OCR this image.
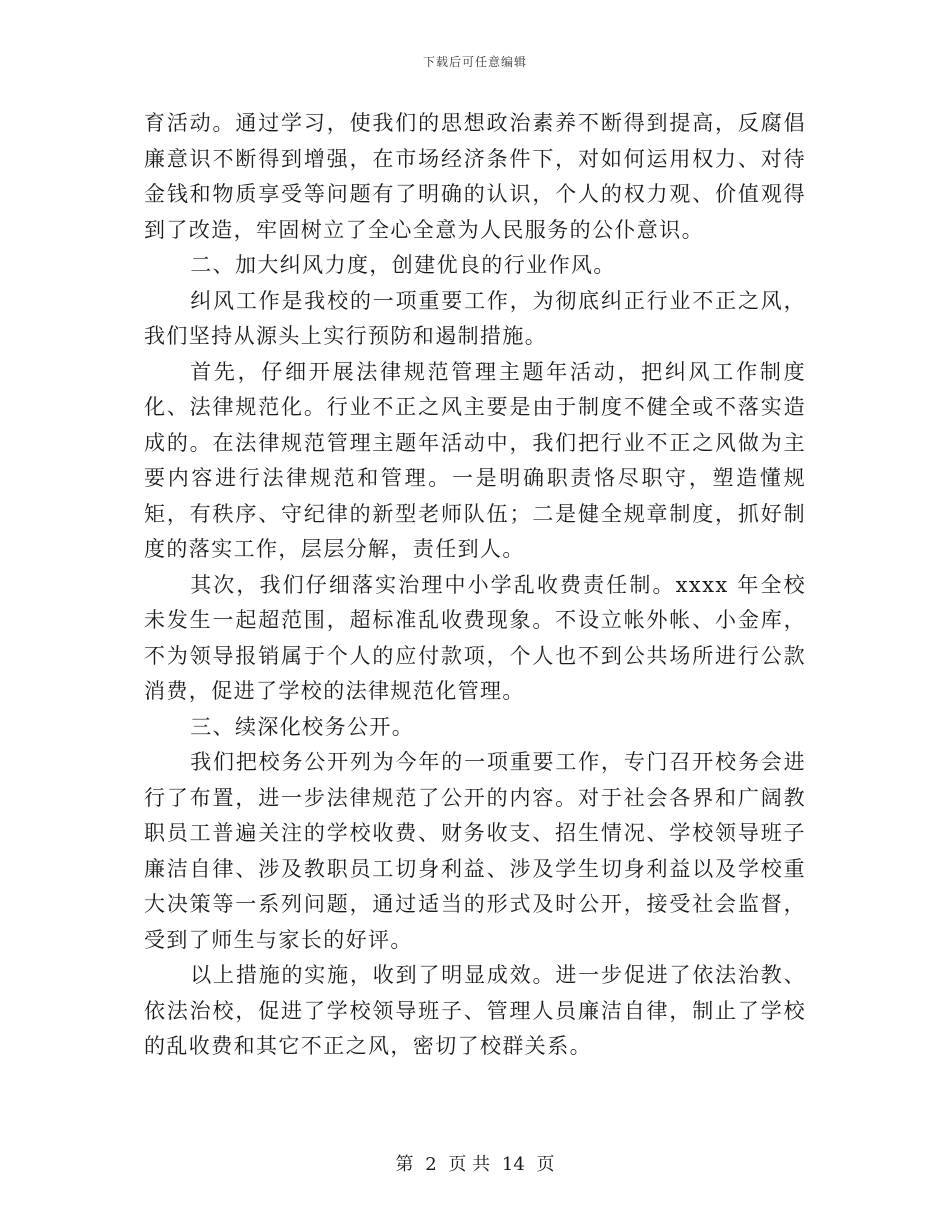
下载后可任意编辑

育活动。通过学习，使我们的思想政治素养不断得到提高，反腐倡廉意识不断得到增强，在市场经济条件下，对如何运用权力、对待金钱和物质享受等问题有了明确的认识，个人的权力观、价值观得到了改造，牢固树立了全心全意为人民服务的公仆意识。

二、加大纠风力度，创建优良的行业作风。

纠风工作是我校的一项重要工作，为彻底纠正行业不正之风，我们坚持从源头上实行预防和遏制措施。

首先，仔细开展法律规范管理主题年活动，把纠风工作制度化、法律规范化。行业不正之风主要是由于制度不健全或不落实造成的。在法律规范管理主题年活动中，我们把行业不正之风做为主要内容进行法律规范和管理。一是明确职责恪尽职守，塑造懂规矩，有秩序、守纪律的新型老师队伍；二是健全规章制度，抓好制度的落实工作，层层分解，责任到人。

其次，我们仔细落实治理中小学乱收费责任制。xxxx 年全校未发生一起超范围，超标准乱收费现象。不设立帐外帐、小金库，不为领导报销属于个人的应付款项，个人也不到公共场所进行公款消费，促进了学校的法律规范化管理。

三、续深化校务公开。

我们把校务公开列为今年的一项重要工作，专门召开校务会进行了布置，进一步法律规范了公开的内容。对于社会各界和广阔教职员工普遍关注的学校收费、财务收支、招生情况、学校领导班子廉洁自律、涉及教职员工切身利益、涉及学生切身利益以及学校重大决策等一系列问题，通过适当的形式及时公开，接受社会监督，受到了师生与家长的好评。

以上措施的实施，收到了明显成效。进一步促进了依法治教、依法治校，促进了学校领导班子、管理人员廉洁自律，制止了学校的乱收费和其它不正之风，密切了校群关系。

第 2 页 共 14 页
